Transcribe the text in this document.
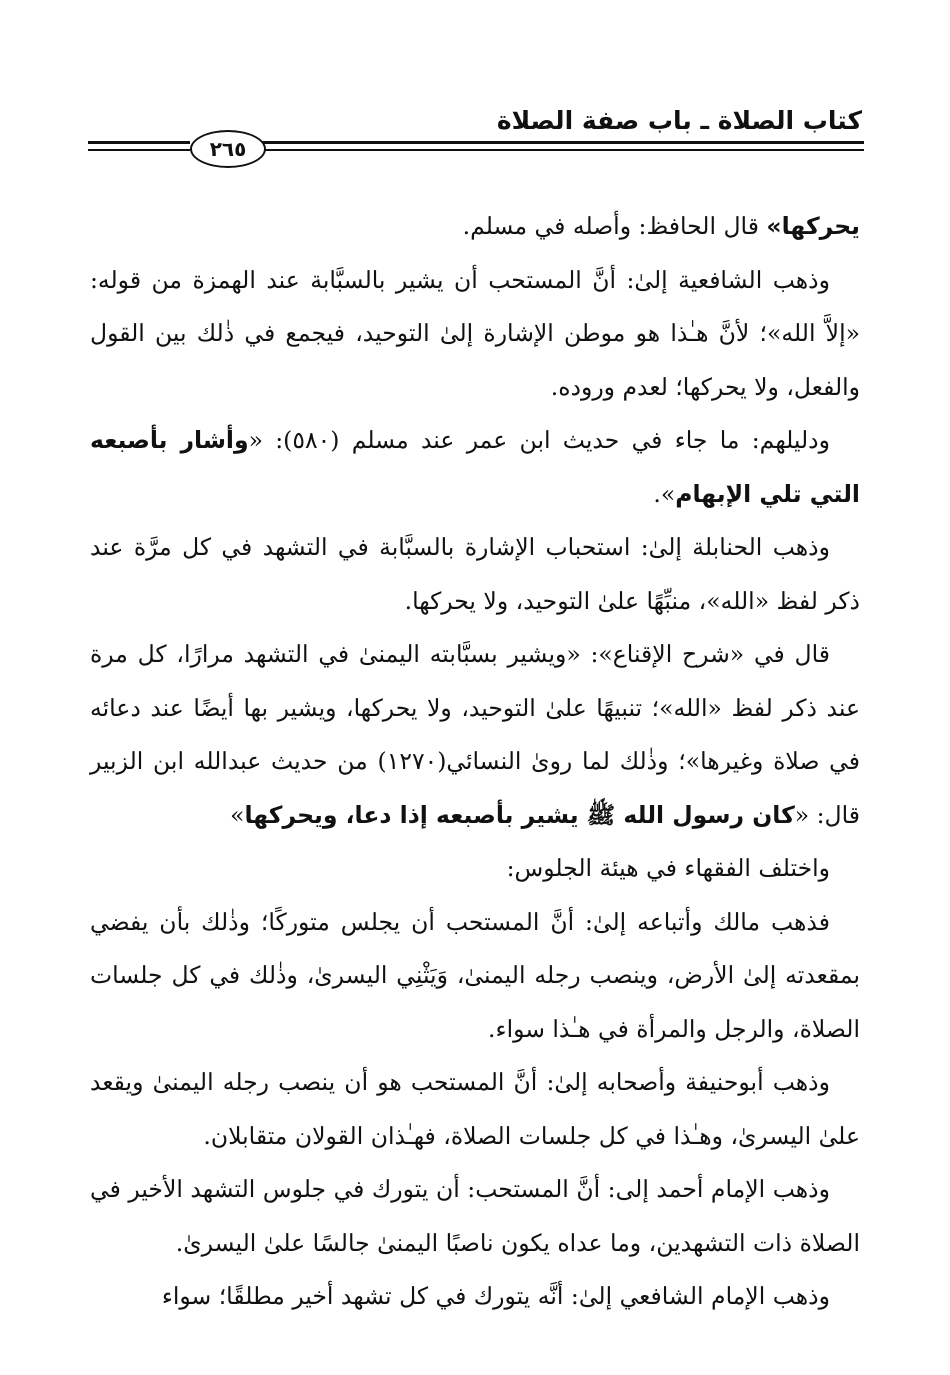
كتاب الصلاة ـ باب صفة الصلاة
٢٦٥

يحركها» قال الحافظ: وأصله في مسلم.

وذهب الشافعية إلىٰ: أنَّ المستحب أن يشير بالسبَّابة عند الهمزة من قوله: «إلاَّ الله»؛ لأنَّ هـٰذا هو موطن الإشارة إلىٰ التوحيد، فيجمع في ذٰلك بين القول والفعل، ولا يحركها؛ لعدم وروده.

ودليلهم: ما جاء في حديث ابن عمر عند مسلم (٥٨٠): «وأشار بأصبعه التي تلي الإبهام».

وذهب الحنابلة إلىٰ: استحباب الإشارة بالسبَّابة في التشهد في كل مرَّة عند ذكر لفظ «الله»، منبِّهًا علىٰ التوحيد، ولا يحركها.

قال في «شرح الإقناع»: «ويشير بسبَّابته اليمنىٰ في التشهد مرارًا، كل مرة عند ذكر لفظ «الله»؛ تنبيهًا علىٰ التوحيد، ولا يحركها، ويشير بها أيضًا عند دعائه في صلاة وغيرها»؛ وذٰلك لما روىٰ النسائي(١٢٧٠) من حديث عبدالله ابن الزبير قال: «كان رسول الله ﷺ يشير بأصبعه إذا دعا، ويحركها»

واختلف الفقهاء في هيئة الجلوس:

فذهب مالك وأتباعه إلىٰ: أنَّ المستحب أن يجلس متوركًا؛ وذٰلك بأن يفضي بمقعدته إلىٰ الأرض، وينصب رجله اليمنىٰ، وَيَثْنِي اليسرىٰ، وذٰلك في كل جلسات الصلاة، والرجل والمرأة في هـٰذا سواء.

وذهب أبوحنيفة وأصحابه إلىٰ: أنَّ المستحب هو أن ينصب رجله اليمنىٰ ويقعد علىٰ اليسرىٰ، وهـٰذا في كل جلسات الصلاة، فهـٰذان القولان متقابلان.

وذهب الإمام أحمد إلى: أنَّ المستحب: أن يتورك في جلوس التشهد الأخير في الصلاة ذات التشهدين، وما عداه يكون ناصبًا اليمنىٰ جالسًا علىٰ اليسرىٰ.

وذهب الإمام الشافعي إلىٰ: أنَّه يتورك في كل تشهد أخير مطلقًا؛ سواء
